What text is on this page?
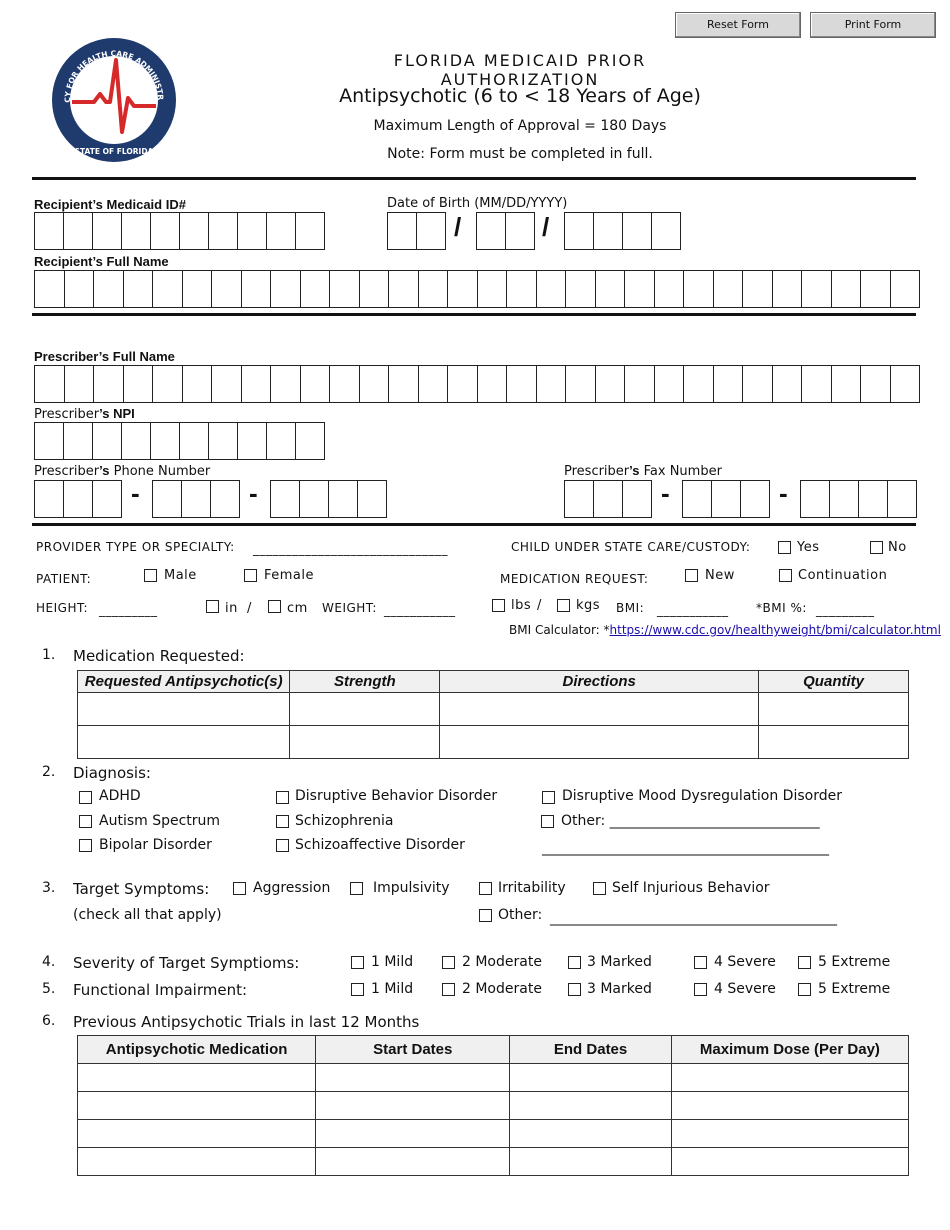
Reset Form	Print Form
CY FOR HEALTH CARE ADMINISTR
STATE OF FLORIDA
FLORIDA MEDICAID PRIOR AUTHORIZATION
Antipsychotic (6 to < 18 Years of Age)
Maximum Length of Approval = 180 Days
Note: Form must be completed in full.
Recipient’s Medicaid ID#	Date of Birth (MM/DD/YYYY)
/	/
Recipient’s Full Name
Prescriber’s Full Name
Prescriber’s NPI
Prescriber’s Phone Number
-	-
Prescriber’s Fax Number
-	-
PROVIDER TYPE OR SPECIALTY: ______________________________	CHILD UNDER STATE CARE/CUSTODY:	Yes	No
PATIENT:	Male	Female	MEDICATION REQUEST:	New	Continuation
HEIGHT: _________	in /	cm WEIGHT: ___________	lbs /	kgs BMI: ___________ *BMI %: _________
BMI Calculator: *https://www.cdc.gov/healthyweight/bmi/calculator.html
1. Medication Requested:
Requested Antipsychotic(s)	Strength	Directions	Quantity

2. Diagnosis:
ADHD	Disruptive Behavior Disorder	Disruptive Mood Dysregulation Disorder
Autism Spectrum	Schizophrenia	Other: ______________________________
Bipolar Disorder	Schizoaffective Disorder	_________________________________________
3. Target Symptoms:
(check all that apply)
Aggression	Impulsivity	Irritability	Self Injurious Behavior
Other: _________________________________________
4. Severity of Target Symptioms:	1 Mild	2 Moderate	3 Marked	4 Severe	5 Extreme
5. Functional Impairment:	1 Mild	2 Moderate	3 Marked	4 Severe	5 Extreme
6. Previous Antipsychotic Trials in last 12 Months
Antipsychotic Medication	Start Dates	End Dates	Maximum Dose (Per Day)
